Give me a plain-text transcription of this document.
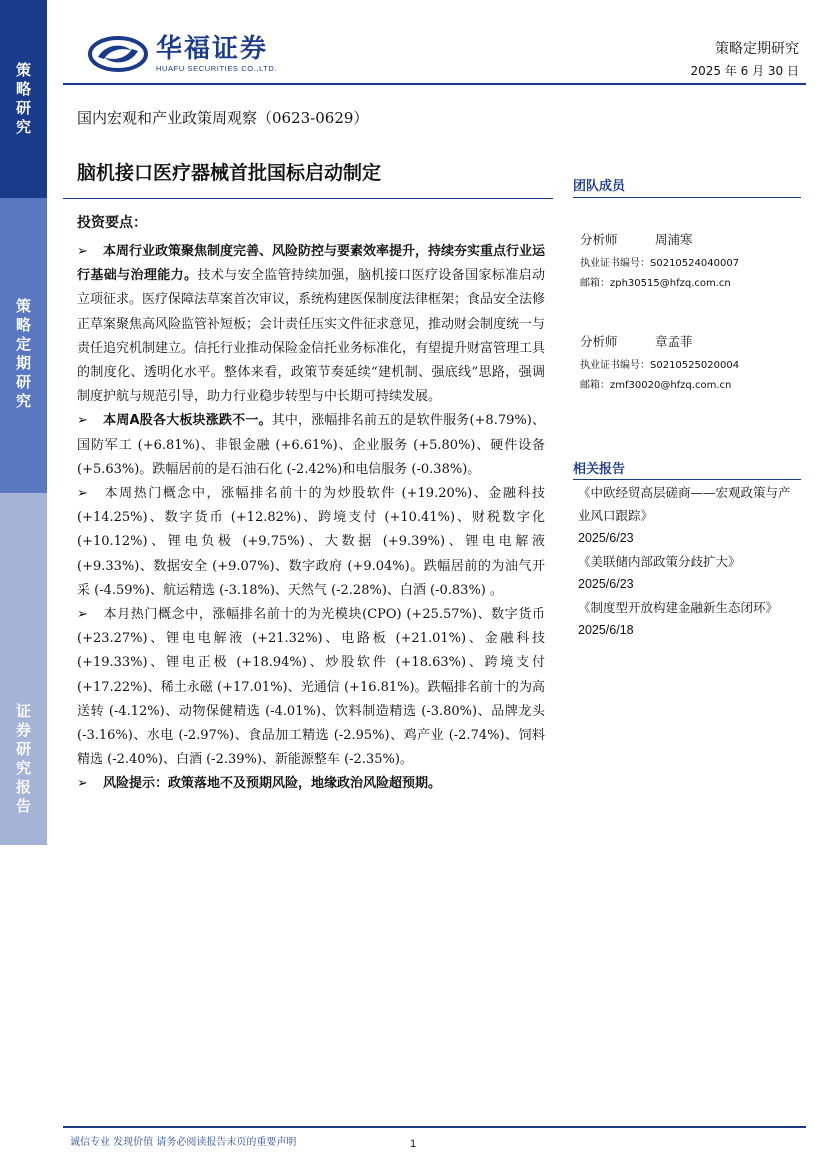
策略研究
策略定期研究
证券研究报告
华福证券
HUAFU SECURITIES CO.,LTD.
策略定期研究
2025 年 6 月 30 日
国内宏观和产业政策周观察（0623-0629）
脑机接口医疗器械首批国标启动制定
投资要点：

➢ 本周行业政策聚焦制度完善、风险防控与要素效率提升，持续夯实重点行业运行基础与治理能力。技术与安全监管持续加强，脑机接口医疗设备国家标准启动立项征求。医疗保障法草案首次审议，系统构建医保制度法律框架；食品安全法修正草案聚焦高风险监管补短板；会计责任压实文件征求意见，推动财会制度统一与责任追究机制建立。信托行业推动保险金信托业务标准化，有望提升财富管理工具的制度化、透明化水平。整体来看，政策节奏延续“建机制、强底线”思路，强调制度护航与规范引导，助力行业稳步转型与中长期可持续发展。

➢ 本周A股各大板块涨跌不一。其中，涨幅排名前五的是软件服务(+8.79%)、国防军工 (+6.81%)、非银金融 (+6.61%)、企业服务 (+5.80%)、硬件设备 (+5.63%)。跌幅居前的是石油石化 (-2.42%)和电信服务 (-0.38%)。

➢ 本周热门概念中，涨幅排名前十的为炒股软件 (+19.20%)、金融科技(+14.25%)、数字货币 (+12.82%)、跨境支付 (+10.41%)、财税数字化(+10.12%)、锂电负极 (+9.75%)、大数据 (+9.39%)、锂电电解液 (+9.33%)、数据安全 (+9.07%)、数字政府 (+9.04%)。跌幅居前的为油气开采 (-4.59%)、航运精选 (-3.18%)、天然气 (-2.28%)、白酒 (-0.83%) 。

➢ 本月热门概念中，涨幅排名前十的为光模块(CPO) (+25.57%)、数字货币(+23.27%)、锂电电解液 (+21.32%)、电路板 (+21.01%)、金融科技(+19.33%)、锂电正极 (+18.94%)、炒股软件 (+18.63%)、跨境支付(+17.22%)、稀土永磁 (+17.01%)、光通信 (+16.81%)。跌幅排名前十的为高送转 (-4.12%)、动物保健精选 (-4.01%)、饮料制造精选 (-3.80%)、品牌龙头(-3.16%)、水电 (-2.97%)、食品加工精选 (-2.95%)、鸡产业 (-2.74%)、饲料精选 (-2.40%)、白酒 (-2.39%)、新能源整车 (-2.35%)。

➢ 风险提示：政策落地不及预期风险，地缘政治风险超预期。

团队成员
分析师	周浦寒
执业证书编号：S0210524040007
邮箱：zph30515@hfzq.com.cn
分析师	章孟菲
执业证书编号：S0210525020004
邮箱：zmf30020@hfzq.com.cn
相关报告
《中欧经贸高层磋商——宏观政策与产业风口跟踪》
2025/6/23
《美联储内部政策分歧扩大》
2025/6/23
《制度型开放构建金融新生态闭环》
2025/6/18
诚信专业 发现价值 请务必阅读报告末页的重要声明	1
